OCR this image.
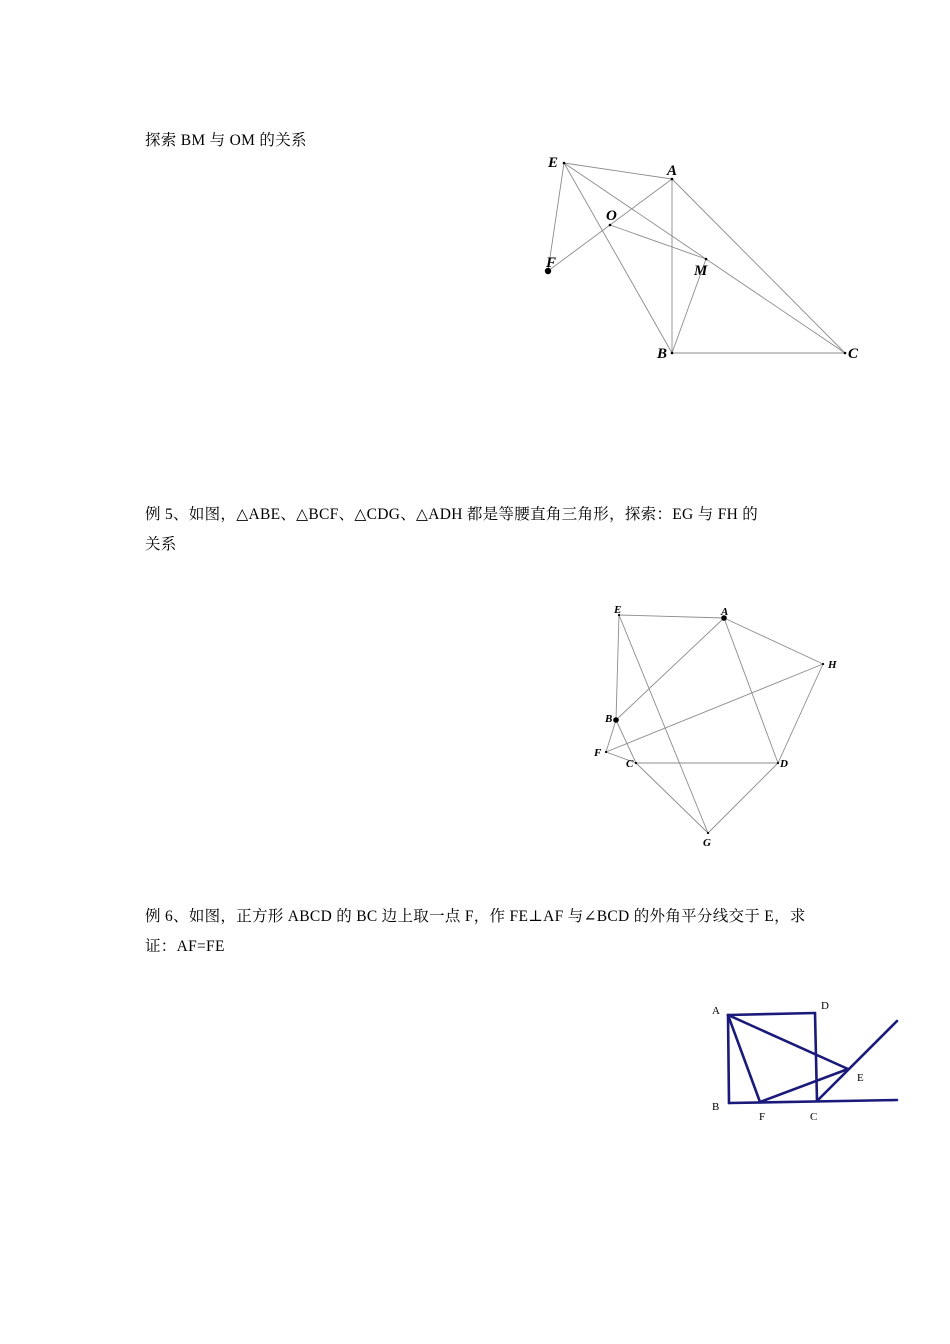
探索 BM 与 OM 的关系
例 5、如图，△ABE、△BCF、△CDG、△ADH 都是等腰直角三角形，探索：EG 与 FH 的
关系
例 6、如图，正方形 ABCD 的 BC 边上取一点 F，作 FE⊥AF 与∠BCD 的外角平分线交于 E，求
证：AF=FE
E	A
O
F	M
B	C
E	A
H
B
F
C	D
G
A	D
E
B
F	C
